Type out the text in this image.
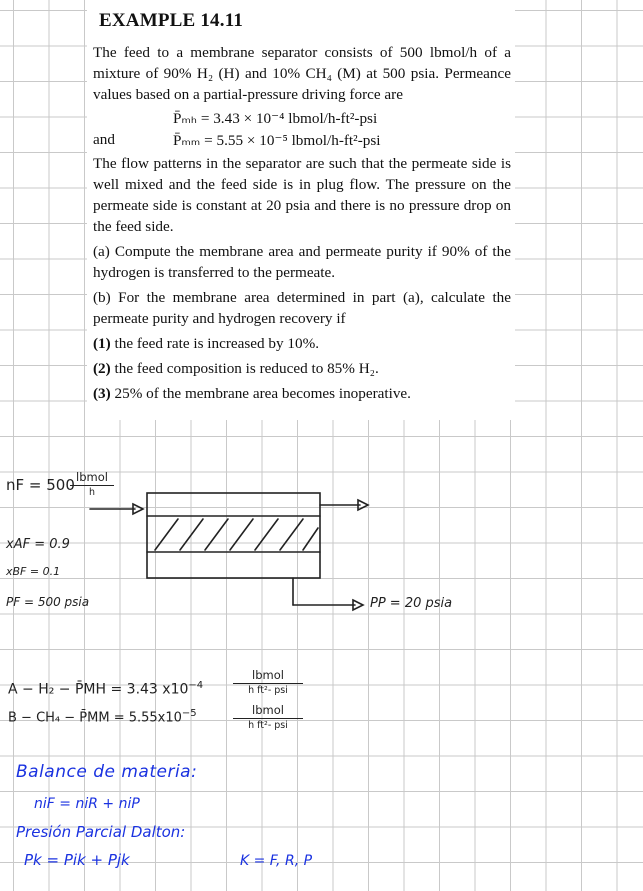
EXAMPLE 14.11

The feed to a membrane separator consists of 500 lbmol/h of a mixture of 90% H₂ (H) and 10% CH₄ (M) at 500 psia. Permeance values based on a partial-pressure driving force are

P̄ₘₕ = 3.43 × 10⁻⁴ lbmol/h-ft²-psi
and	P̄ₘₘ = 5.55 × 10⁻⁵ lbmol/h-ft²-psi

The flow patterns in the separator are such that the permeate side is well mixed and the feed side is in plug flow. The pressure on the permeate side is constant at 20 psia and there is no pressure drop on the feed side.

(a) Compute the membrane area and permeate purity if 90% of the hydrogen is transferred to the permeate.

(b) For the membrane area determined in part (a), calculate the permeate purity and hydrogen recovery if

(1) the feed rate is increased by 10%.

(2) the feed composition is reduced to 85% H₂.

(3) 25% of the membrane area becomes inoperative.

nF = 500 lbmol
h
xAF = 0.9
xBF = 0.1
PF = 500 psia	PP = 20 psia
A − H₂ − P̄MH = 3.43 $x10^{-4}$
lbmol
h ft²- psi
B − CH₄ − P̄MM = $5.55x10^{-5}$	lbmol
h ft²- psi
Balance de materia:
niF = niR + niP
Presión Parcial Dalton:
Pk = Pik + Pjk	K = F, R, P
